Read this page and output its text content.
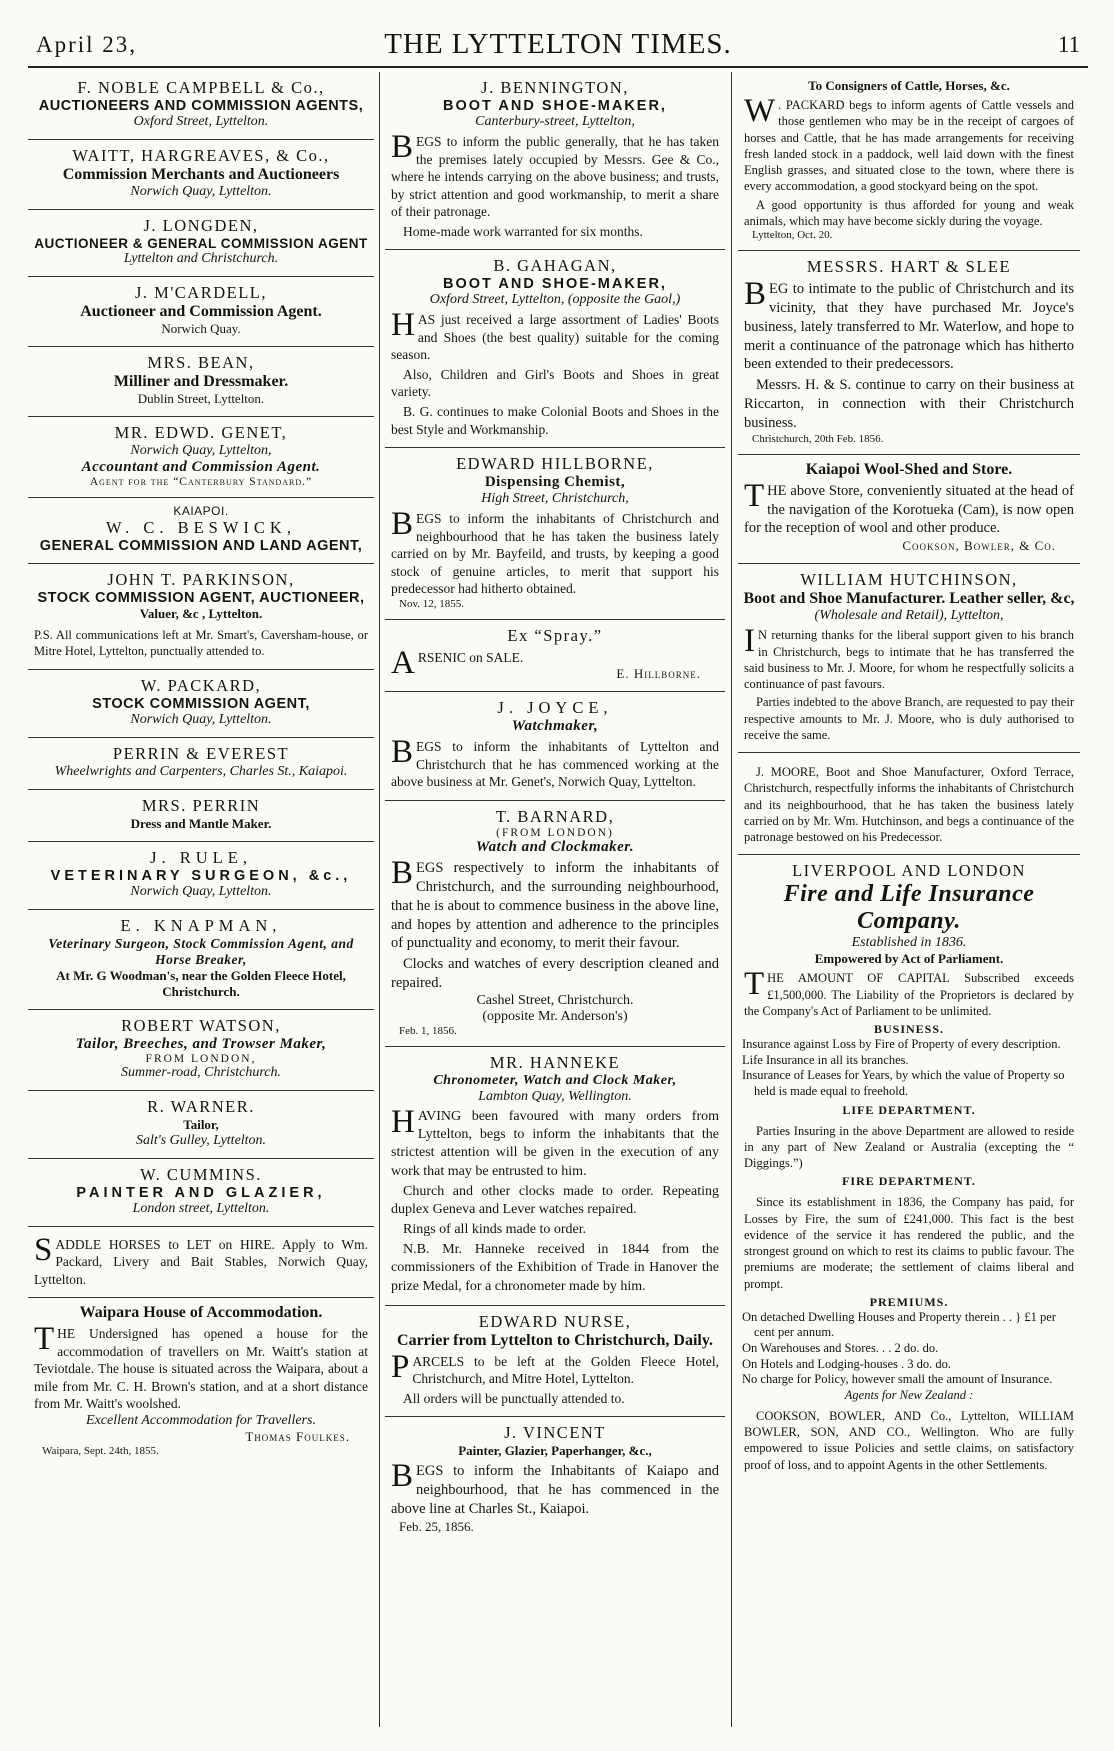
April 23,	THE LYTTELTON TIMES.	11
F. NOBLE CAMPBELL & Co.,
AUCTIONEERS AND COMMISSION AGENTS,
Oxford Street, Lyttelton.
WAITT, HARGREAVES, & Co.,
Commission Merchants and Auctioneers
Norwich Quay, Lyttelton.
J. LONGDEN,
AUCTIONEER & GENERAL COMMISSION AGENT
Lyttelton and Christchurch.
J. M'CARDELL,
Auctioneer and Commission Agent.
Norwich Quay.
MRS. BEAN,
Milliner and Dressmaker.
Dublin Street, Lyttelton.
MR. EDWD. GENET,
Norwich Quay, Lyttelton,
Accountant and Commission Agent.
Agent for the “Canterbury Standard.”
KAIAPOI.
W. C. BESWICK,
GENERAL COMMISSION AND LAND AGENT,
JOHN T. PARKINSON,
STOCK COMMISSION AGENT, AUCTIONEER,
Valuer, &c , Lyttelton.

P.S. All communications left at Mr. Smart's, Caversham-house, or Mitre Hotel, Lyttelton, punctually attended to.

W. PACKARD,
STOCK COMMISSION AGENT,
Norwich Quay, Lyttelton.
PERRIN & EVEREST
Wheelwrights and Carpenters, Charles St., Kaiapoi.
MRS. PERRIN
Dress and Mantle Maker.
J. RULE,
VETERINARY SURGEON, &c.,
Norwich Quay, Lyttelton.
E. KNAPMAN,
Veterinary Surgeon, Stock Commission Agent, and Horse Breaker,
At Mr. G Woodman's, near the Golden Fleece Hotel, Christchurch.
ROBERT WATSON,
Tailor, Breeches, and Trowser Maker,
FROM LONDON,
Summer-road, Christchurch.
R. WARNER.
Tailor,
Salt's Gulley, Lyttelton.
W. CUMMINS.
PAINTER AND GLAZIER,
London street, Lyttelton.
SADDLE HORSES to LET on HIRE. Apply to Wm. Packard, Livery and Bait Stables, Norwich Quay, Lyttelton.
Waipara House of Accommodation.
THE Undersigned has opened a house for the accommodation of travellers on Mr. Waitt's station at Teviotdale. The house is situated across the Waipara, about a mile from Mr. C. H. Brown's station, and at a short distance from Mr. Waitt's woolshed.
Excellent Accommodation for Travellers.
Thomas Foulkes.
Waipara, Sept. 24th, 1855.
J. BENNINGTON,
BOOT AND SHOE-MAKER,
Canterbury-street, Lyttelton,
BEGS to inform the public generally, that he has taken the premises lately occupied by Messrs. Gee & Co., where he intends carrying on the above business; and trusts, by strict attention and good workmanship, to merit a share of their patronage.

Home-made work warranted for six months.

B. GAHAGAN,
BOOT AND SHOE-MAKER,
Oxford Street, Lyttelton, (opposite the Gaol,)
HAS just received a large assortment of Ladies' Boots and Shoes (the best quality) suitable for the coming season.

Also, Children and Girl's Boots and Shoes in great variety.

B. G. continues to make Colonial Boots and Shoes in the best Style and Workmanship.

EDWARD HILLBORNE,
Dispensing Chemist,
High Street, Christchurch,
BEGS to inform the inhabitants of Christchurch and neighbourhood that he has taken the business lately carried on by Mr. Bayfeild, and trusts, by keeping a good stock of genuine articles, to merit that support his predecessor had hitherto obtained.
Nov. 12, 1855.
Ex “Spray.”
ARSENIC on SALE.
E. Hillborne.
J. JOYCE,
Watchmaker,
BEGS to inform the inhabitants of Lyttelton and Christchurch that he has commenced working at the above business at Mr. Genet's, Norwich Quay, Lyttelton.
T. BARNARD,
(FROM LONDON)
Watch and Clockmaker.
BEGS respectively to inform the inhabitants of Christchurch, and the surrounding neighbourhood, that he is about to commence business in the above line, and hopes by attention and adherence to the principles of punctuality and economy, to merit their favour.

Clocks and watches of every description cleaned and repaired.

Cashel Street, Christchurch.
(opposite Mr. Anderson's)
Feb. 1, 1856.
MR. HANNEKE
Chronometer, Watch and Clock Maker,
Lambton Quay, Wellington.
HAVING been favoured with many orders from Lyttelton, begs to inform the inhabitants that the strictest attention will be given in the execution of any work that may be entrusted to him.

Church and other clocks made to order. Repeating duplex Geneva and Lever watches repaired.

Rings of all kinds made to order.

N.B. Mr. Hanneke received in 1844 from the commissioners of the Exhibition of Trade in Hanover the prize Medal, for a chronometer made by him.

EDWARD NURSE,
Carrier from Lyttelton to Christchurch, Daily.
PARCELS to be left at the Golden Fleece Hotel, Christchurch, and Mitre Hotel, Lyttelton.

All orders will be punctually attended to.

J. VINCENT
Painter, Glazier, Paperhanger, &c.,
BEGS to inform the Inhabitants of Kaiapo and neighbourhood, that he has commenced in the above line at Charles St., Kaiapoi.
Feb. 25, 1856.
To Consigners of Cattle, Horses, &c.
W . PACKARD begs to inform agents of Cattle vessels and those gentlemen who may be in the receipt of cargoes of horses and Cattle, that he has made arrangements for receiving fresh landed stock in a paddock, well laid down with the finest English grasses, and situated close to the town, where there is every accommodation, a good stockyard being on the spot.

A good opportunity is thus afforded for young and weak animals, which may have become sickly during the voyage.

Lyttelton, Oct. 20.
MESSRS. HART & SLEE
BEG to intimate to the public of Christchurch and its vicinity, that they have purchased Mr. Joyce's business, lately transferred to Mr. Waterlow, and hope to merit a continuance of the patronage which has hitherto been extended to their predecessors.

Messrs. H. & S. continue to carry on their business at Riccarton, in connection with their Christchurch business.

Christchurch, 20th Feb. 1856.
Kaiapoi Wool-Shed and Store.
THE above Store, conveniently situated at the head of the navigation of the Korotueka (Cam), is now open for the reception of wool and other produce.
Cookson, Bowler, & Co.
WILLIAM HUTCHINSON,
Boot and Shoe Manufacturer. Leather seller, &c,
(Wholesale and Retail), Lyttelton,
I N returning thanks for the liberal support given to his branch in Christchurch, begs to intimate that he has transferred the said business to Mr. J. Moore, for whom he respectfully solicits a continuance of past favours.

Parties indebted to the above Branch, are requested to pay their respective amounts to Mr. J. Moore, who is duly authorised to receive the same.

J. MOORE, Boot and Shoe Manufacturer, Oxford Terrace, Christchurch, respectfully informs the inhabitants of Christchurch and its neighbourhood, that he has taken the business lately carried on by Mr. Wm. Hutchinson, and begs a continuance of the patronage bestowed on his Predecessor.

LIVERPOOL AND LONDON
Fire and Life Insurance Company.
Established in 1836.
Empowered by Act of Parliament.
THE AMOUNT OF CAPITAL Subscribed exceeds £1,500,000. The Liability of the Proprietors is declared by the Company's Act of Parliament to be unlimited.
BUSINESS.
Insurance against Loss by Fire of Property of every description.
Life Insurance in all its branches.
Insurance of Leases for Years, by which the value of Property so held is made equal to freehold.
LIFE DEPARTMENT.

Parties Insuring in the above Department are allowed to reside in any part of New Zealand or Australia (excepting the “ Diggings.”)

FIRE DEPARTMENT.

Since its establishment in 1836, the Company has paid, for Losses by Fire, the sum of £241,000. This fact is the best evidence of the service it has rendered the public, and the strongest ground on which to rest its claims to public favour. The premiums are moderate; the settlement of claims liberal and prompt.

PREMIUMS.
On detached Dwelling Houses and Property therein . . } £1 per cent per annum.
On Warehouses and Stores. . . 2 do. do.
On Hotels and Lodging-houses . 3 do. do.
No charge for Policy, however small the amount of Insurance.
Agents for New Zealand :

COOKSON, BOWLER, AND Co., Lyttelton, WILLIAM BOWLER, SON, AND CO., Wellington. Who are fully empowered to issue Policies and settle claims, on satisfactory proof of loss, and to appoint Agents in the other Settlements.
